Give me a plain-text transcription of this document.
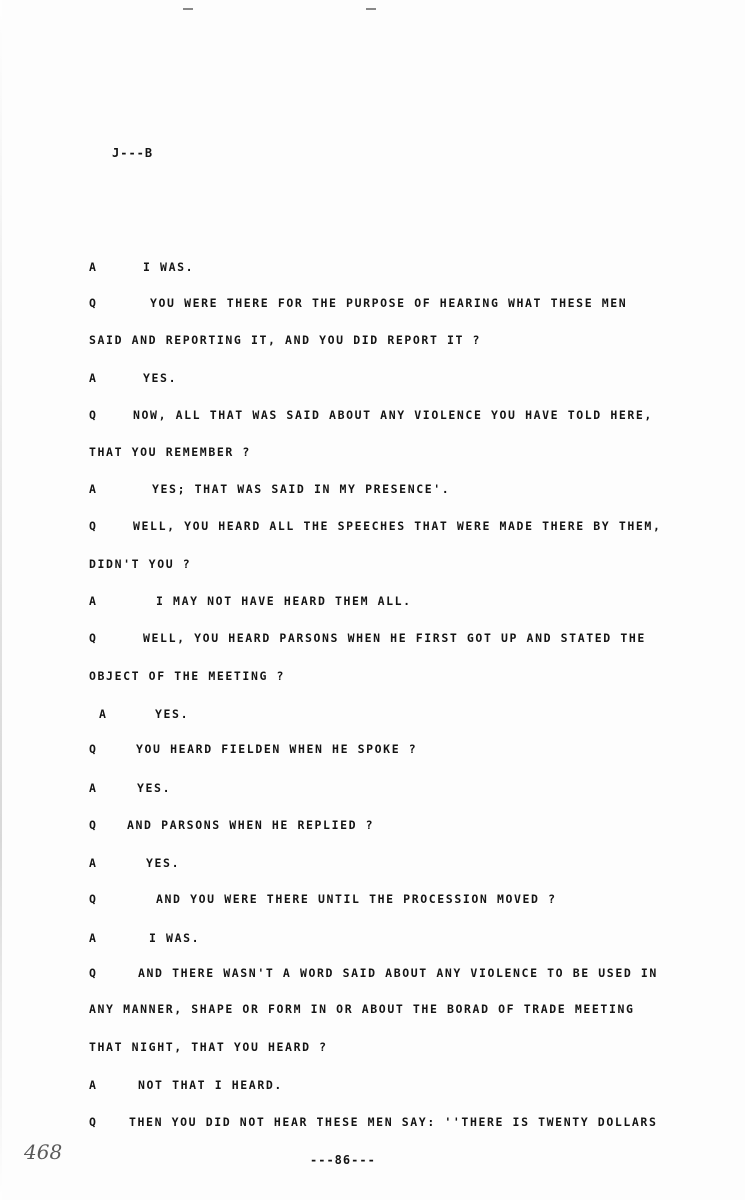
J---B
A	I WAS.
Q	YOU WERE THERE FOR THE PURPOSE OF HEARING WHAT THESE MEN
SAID AND REPORTING IT, AND YOU DID REPORT IT ?
A	YES.
Q	NOW, ALL THAT WAS SAID ABOUT ANY VIOLENCE YOU HAVE TOLD HERE,
THAT YOU REMEMBER ?
A	YES; THAT WAS SAID IN MY PRESENCE'.
Q	WELL, YOU HEARD ALL THE SPEECHES THAT WERE MADE THERE BY THEM,
DIDN'T YOU ?
A	I MAY NOT HAVE HEARD THEM ALL.
Q	WELL, YOU HEARD PARSONS WHEN HE FIRST GOT UP AND STATED THE
OBJECT OF THE MEETING ?
A	YES.
Q	YOU HEARD FIELDEN WHEN HE SPOKE ?
A	YES.
Q	AND PARSONS WHEN HE REPLIED ?
A	YES.
Q	AND YOU WERE THERE UNTIL THE PROCESSION MOVED ?
A	I WAS.
Q	AND THERE WASN'T A WORD SAID ABOUT ANY VIOLENCE TO BE USED IN
ANY MANNER, SHAPE OR FORM IN OR ABOUT THE BORAD OF TRADE MEETING
THAT NIGHT, THAT YOU HEARD ?
A	NOT THAT I HEARD.
Q	THEN YOU DID NOT HEAR THESE MEN SAY: ''THERE IS TWENTY DOLLARS
468	---86---
